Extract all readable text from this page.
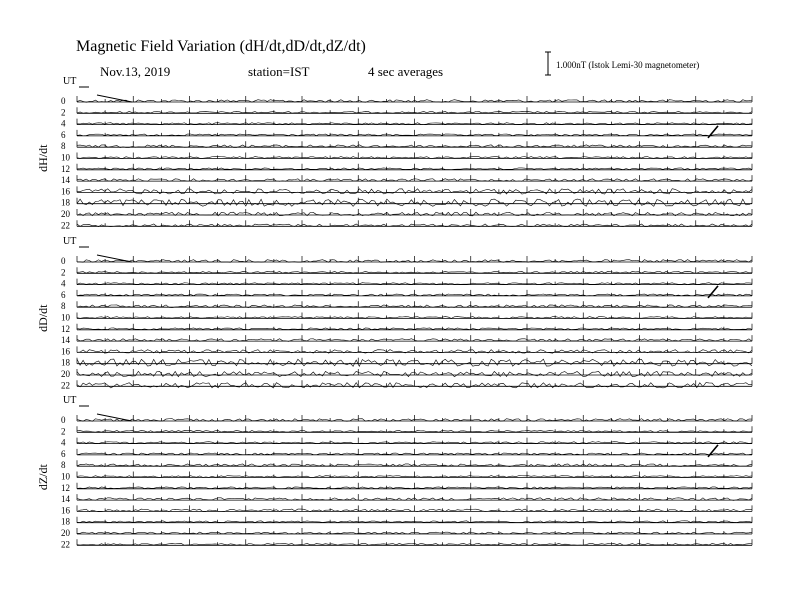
Magnetic Field Variation (dH/dt,dD/dt,dZ/dt)
Nov.13, 2019	station=IST	4 sec averages	1.000nT (Istok Lemi-30 magnetometer)
UT
dH/dt
0
2
4
6
8
10
12
14
16
18
20
22
UT
dD/dt
0
2
4
6
8
10
12
14
16
18
20
22
UT
dZ/dt
0
2
4
6
8
10
12
14
16
18
20
22
